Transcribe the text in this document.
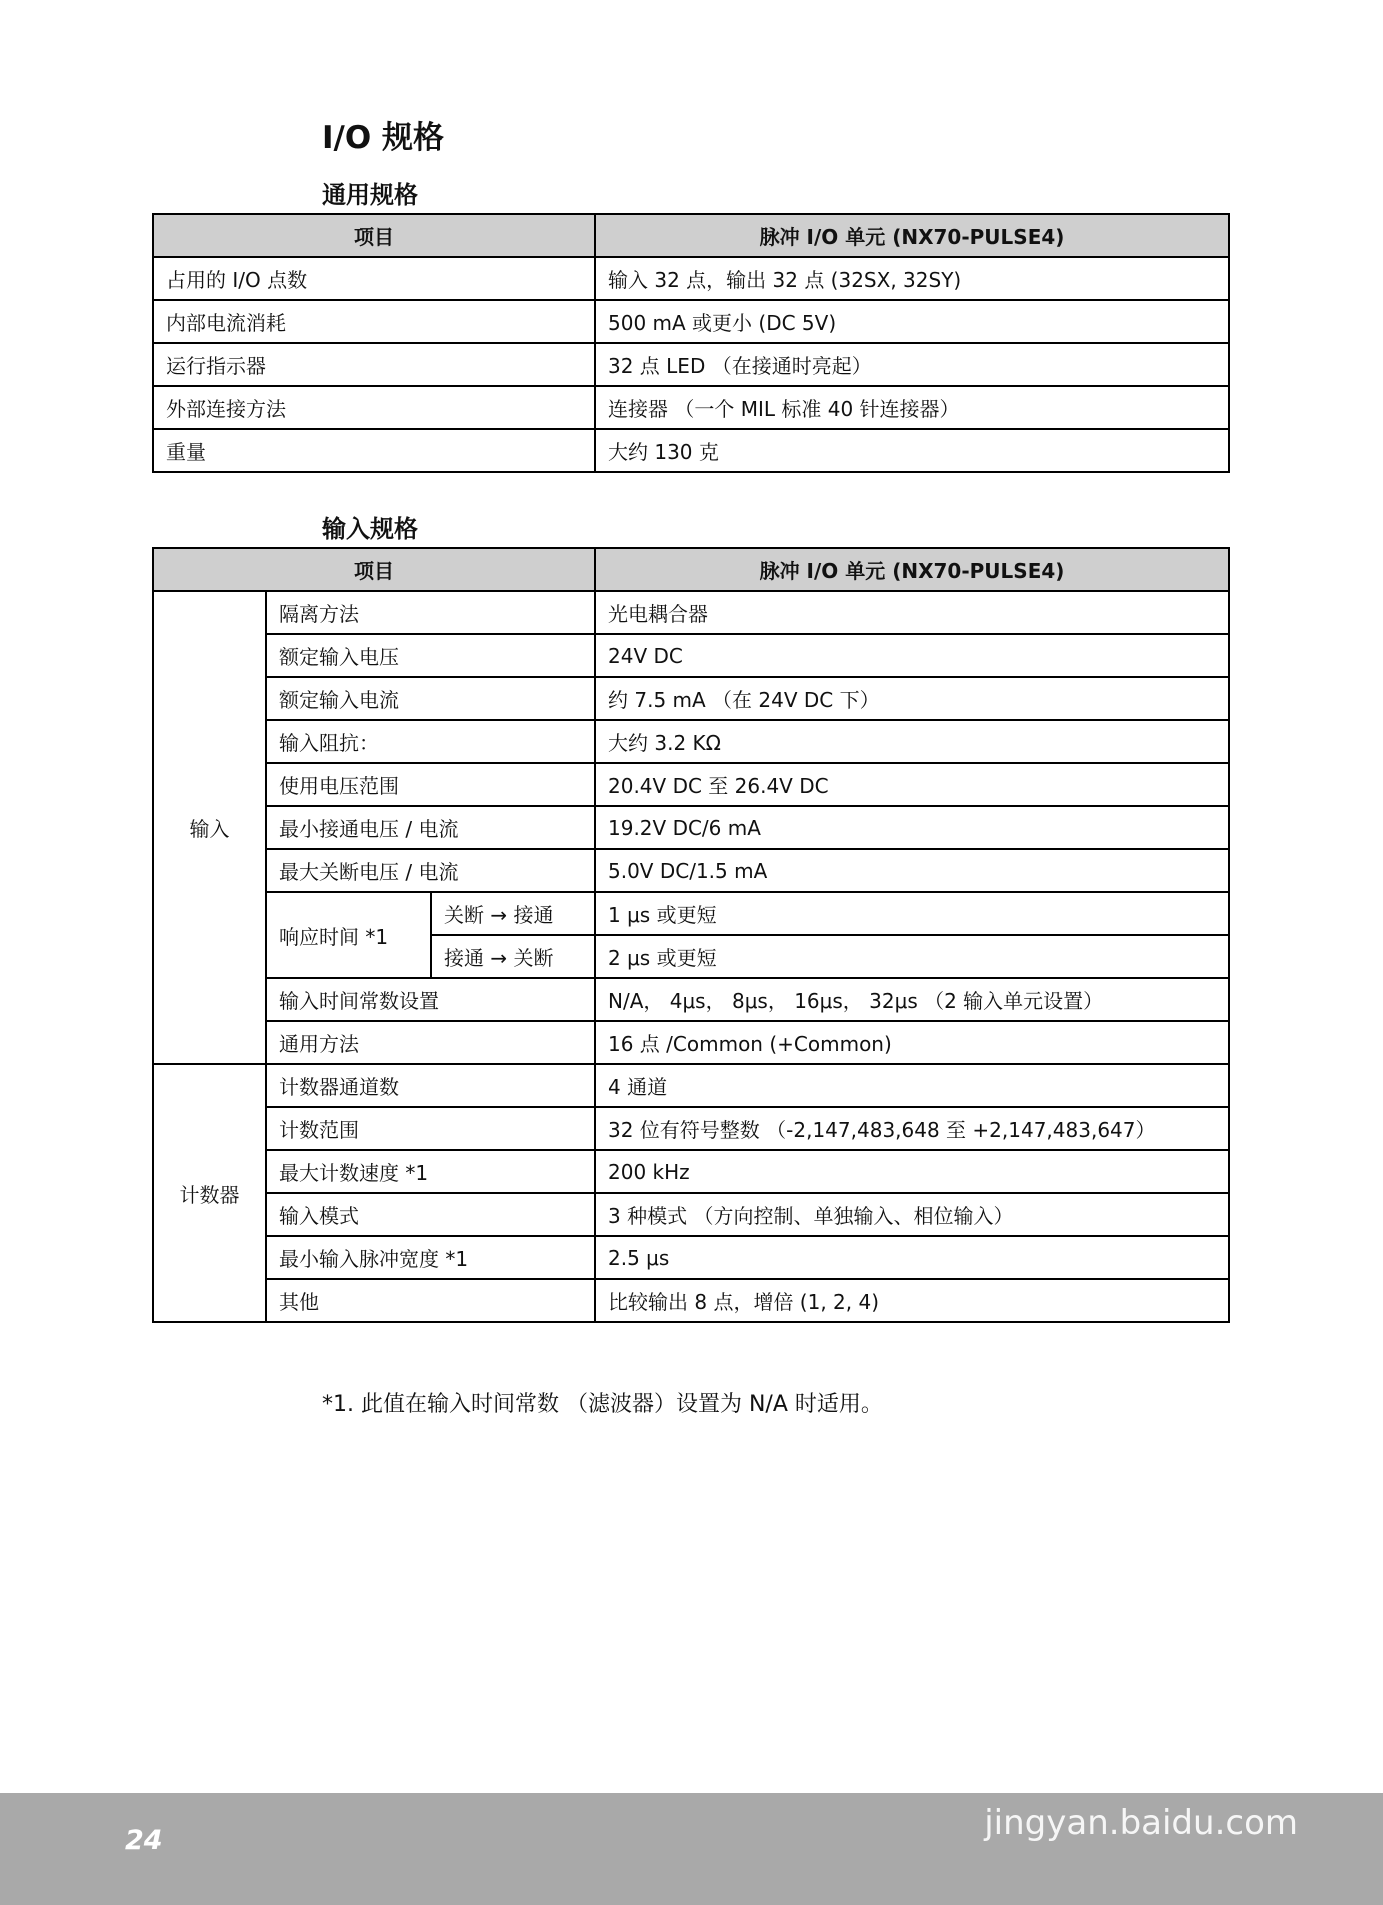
I/O 规格
通用规格
项目	脉冲 I/O 单元 (NX70-PULSE4)
占用的 I/O 点数	输入 32 点，输出 32 点 (32SX, 32SY)
内部电流消耗	500 mA 或更小 (DC 5V)
运行指示器	32 点 LED （在接通时亮起）
外部连接方法	连接器 （一个 MIL 标准 40 针连接器）
重量	大约 130 克
输入规格
项目			脉冲 I/O 单元 (NX70-PULSE4)
输入	隔离方法		光电耦合器
	额定输入电压		24V DC
	额定输入电流		约 7.5 mA （在 24V DC 下）
	输入阻抗：		大约 3.2 KΩ
	使用电压范围		20.4V DC 至 26.4V DC
	最小接通电压 / 电流		19.2V DC/6 mA
	最大关断电压 / 电流		5.0V DC/1.5 mA
	响应时间 *1	关断 → 接通	1 μs 或更短
		接通 → 关断	2 μs 或更短
	输入时间常数设置		N/A， 4μs， 8μs， 16μs， 32μs （2 输入单元设置）
	通用方法		16 点 /Common (+Common)
计数器	计数器通道数		4 通道
	计数范围		32 位有符号整数 （-2,147,483,648 至 +2,147,483,647）
	最大计数速度 *1		200 kHz
	输入模式		3 种模式 （方向控制、单独输入、相位输入）
	最小输入脉冲宽度 *1		2.5 μs
	其他		比较输出 8 点，增倍 (1, 2, 4)
*1. 此值在输入时间常数 （滤波器）设置为 N/A 时适用。
24
Baidu 经验
jingyan.baidu.com
